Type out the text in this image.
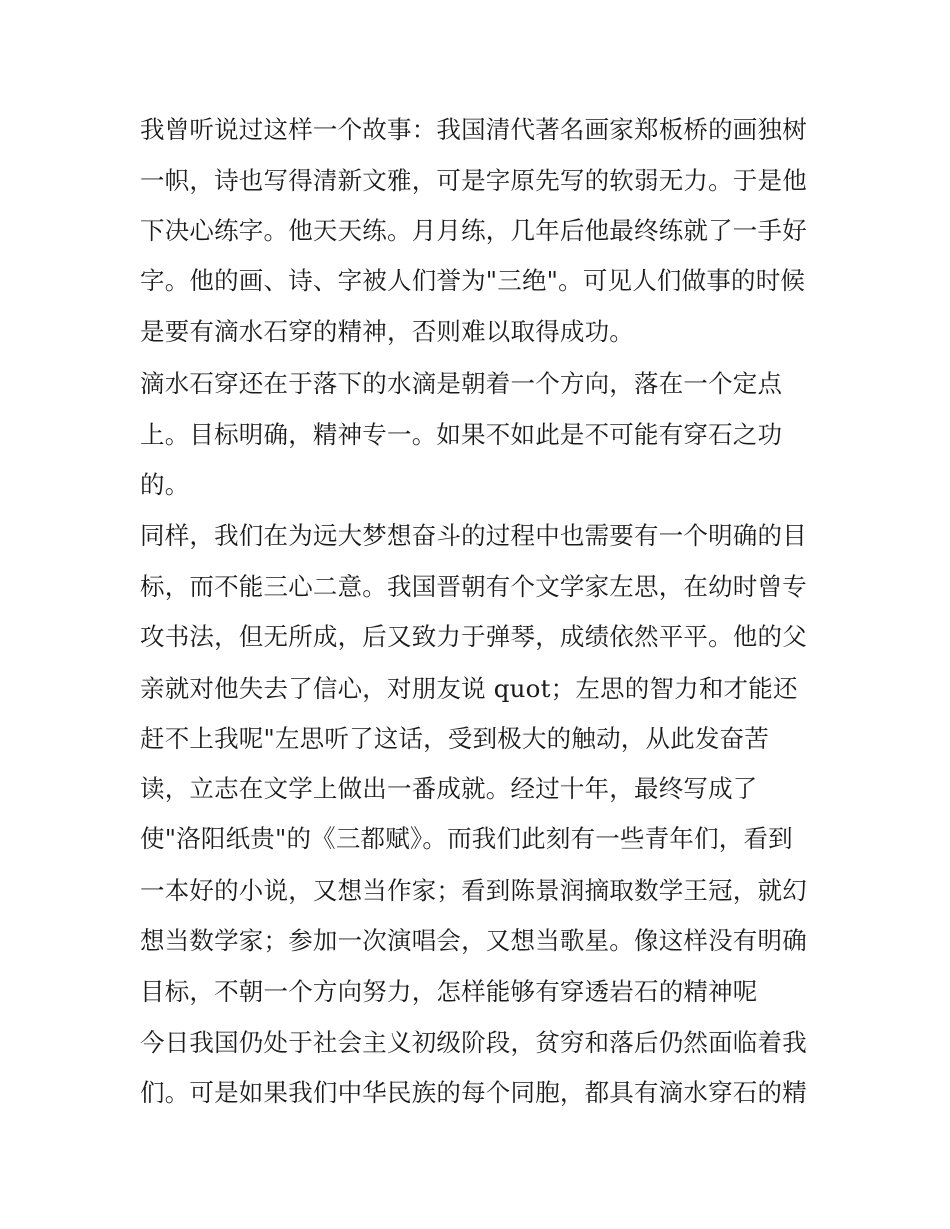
我曾听说过这样一个故事：我国清代著名画家郑板桥的画独树
一帜，诗也写得清新文雅，可是字原先写的软弱无力。于是他
下决心练字。他天天练。月月练，几年后他最终练就了一手好
字。他的画、诗、字被人们誉为"三绝"。可见人们做事的时候
是要有滴水石穿的精神，否则难以取得成功。
滴水石穿还在于落下的水滴是朝着一个方向，落在一个定点
上。目标明确，精神专一。如果不如此是不可能有穿石之功
的。
同样，我们在为远大梦想奋斗的过程中也需要有一个明确的目
标，而不能三心二意。我国晋朝有个文学家左思，在幼时曾专
攻书法，但无所成，后又致力于弹琴，成绩依然平平。他的父
亲就对他失去了信心，对朋友说 quot；左思的智力和才能还
赶不上我呢"左思听了这话，受到极大的触动，从此发奋苦
读，立志在文学上做出一番成就。经过十年，最终写成了
使"洛阳纸贵"的《三都赋》。而我们此刻有一些青年们，看到
一本好的小说，又想当作家；看到陈景润摘取数学王冠，就幻
想当数学家；参加一次演唱会，又想当歌星。像这样没有明确
目标，不朝一个方向努力，怎样能够有穿透岩石的精神呢
今日我国仍处于社会主义初级阶段，贫穷和落后仍然面临着我
们。可是如果我们中华民族的每个同胞，都具有滴水穿石的精
